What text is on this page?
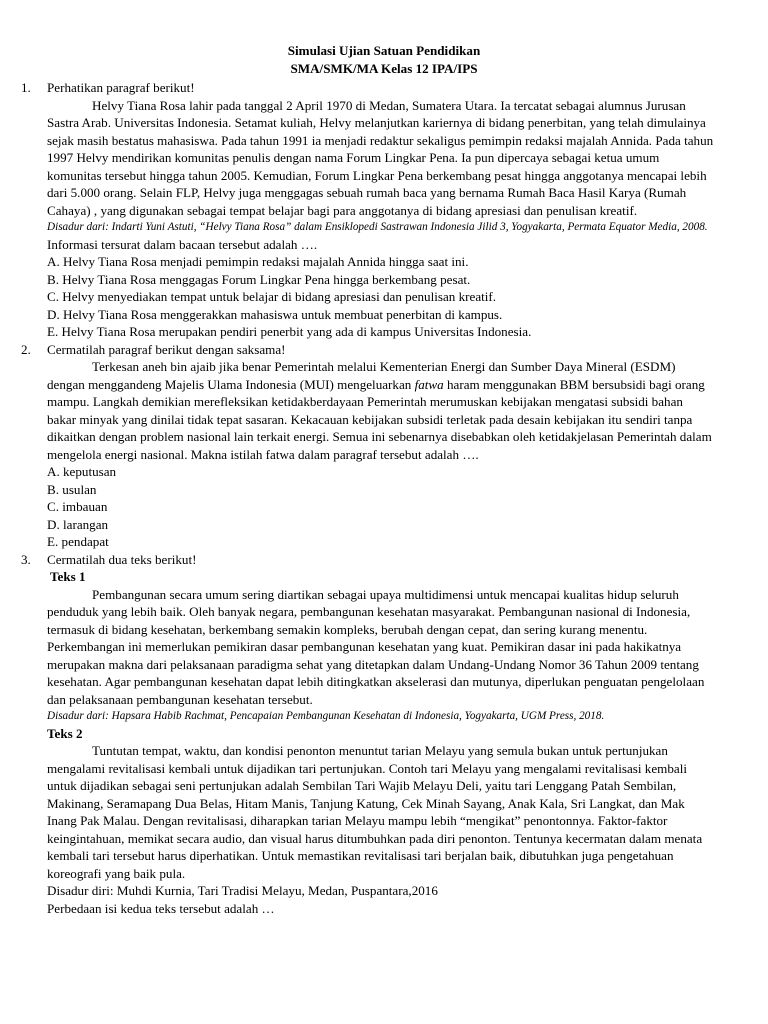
Simulasi Ujian Satuan Pendidikan
SMA/SMK/MA Kelas 12 IPA/IPS
1. Perhatikan paragraf berikut!

Helvy Tiana Rosa lahir pada tanggal 2 April 1970 di Medan, Sumatera Utara. Ia tercatat sebagai alumnus Jurusan Sastra Arab. Universitas Indonesia. Setamat kuliah, Helvy melanjutkan kariernya di bidang penerbitan, yang telah dimulainya sejak masih bestatus mahasiswa. Pada tahun 1991 ia menjadi redaktur sekaligus pemimpin redaksi majalah Annida. Pada tahun 1997 Helvy mendirikan komunitas penulis dengan nama Forum Lingkar Pena. Ia pun dipercaya sebagai ketua umum komunitas tersebut hingga tahun 2005. Kemudian, Forum Lingkar Pena berkembang pesat hingga anggotanya mencapai lebih dari 5.000 orang. Selain FLP, Helvy juga menggagas sebuah rumah baca yang bernama Rumah Baca Hasil Karya (Rumah Cahaya) , yang digunakan sebagai tempat belajar bagi para anggotanya di bidang apresiasi dan penulisan kreatif.

Disadur dari: Indarti Yuni Astuti, “Helvy Tiana Rosa” dalam Ensiklopedi Sastrawan Indonesia Jilid 3, Yogyakarta, Permata Equator Media, 2008.

Informasi tersurat dalam bacaan tersebut adalah ….

A. Helvy Tiana Rosa menjadi pemimpin redaksi majalah Annida hingga saat ini.

B. Helvy Tiana Rosa menggagas Forum Lingkar Pena hingga berkembang pesat.

C. Helvy menyediakan tempat untuk belajar di bidang apresiasi dan penulisan kreatif.

D. Helvy Tiana Rosa menggerakkan mahasiswa untuk membuat penerbitan di kampus.

E. Helvy Tiana Rosa merupakan pendiri penerbit yang ada di kampus Universitas Indonesia.

2. Cermatilah paragraf berikut dengan saksama!

Terkesan aneh bin ajaib jika benar Pemerintah melalui Kementerian Energi dan Sumber Daya Mineral (ESDM) dengan menggandeng Majelis Ulama Indonesia (MUI) mengeluarkan fatwa haram menggunakan BBM bersubsidi bagi orang mampu. Langkah demikian merefleksikan ketidakberdayaan Pemerintah merumuskan kebijakan mengatasi subsidi bahan bakar minyak yang dinilai tidak tepat sasaran. Kekacauan kebijakan subsidi terletak pada desain kebijakan itu sendiri tanpa dikaitkan dengan problem nasional lain terkait energi. Semua ini sebenarnya disebabkan oleh ketidakjelasan Pemerintah dalam mengelola energi nasional. Makna istilah fatwa dalam paragraf tersebut adalah ….

A. keputusan

B. usulan

C. imbauan

D. larangan

E. pendapat

3. Cermatilah dua teks berikut!

Teks 1

Pembangunan secara umum sering diartikan sebagai upaya multidimensi untuk mencapai kualitas hidup seluruh penduduk yang lebih baik. Oleh banyak negara, pembangunan kesehatan masyarakat. Pembangunan nasional di Indonesia, termasuk di bidang kesehatan, berkembang semakin kompleks, berubah dengan cepat, dan sering kurang menentu. Perkembangan ini memerlukan pemikiran dasar pembangunan kesehatan yang kuat. Pemikiran dasar ini pada hakikatnya merupakan makna dari pelaksanaan paradigma sehat yang ditetapkan dalam Undang-Undang Nomor 36 Tahun 2009 tentang kesehatan. Agar pembangunan kesehatan dapat lebih ditingkatkan akselerasi dan mutunya, diperlukan penguatan pengelolaan dan pelaksanaan pembangunan kesehatan tersebut.

Disadur dari: Hapsara Habib Rachmat, Pencapaian Pembangunan Kesehatan di Indonesia, Yogyakarta, UGM Press, 2018.

Teks 2

Tuntutan tempat, waktu, dan kondisi penonton menuntut tarian Melayu yang semula bukan untuk pertunjukan mengalami revitalisasi kembali untuk dijadikan tari pertunjukan. Contoh tari Melayu yang mengalami revitalisasi kembali untuk dijadikan sebagai seni pertunjukan adalah Sembilan Tari Wajib Melayu Deli, yaitu tari Lenggang Patah Sembilan, Makinang, Seramapang Dua Belas, Hitam Manis, Tanjung Katung, Cek Minah Sayang, Anak Kala, Sri Langkat, dan Mak Inang Pak Malau. Dengan revitalisasi, diharapkan tarian Melayu mampu lebih “mengikat” penontonnya. Faktor-faktor keingintahuan, memikat secara audio, dan visual harus ditumbuhkan pada diri penonton. Tentunya kecermatan dalam menata kembali tari tersebut harus diperhatikan. Untuk memastikan revitalisasi tari berjalan baik, dibutuhkan juga pengetahuan koreografi yang baik pula.

Disadur diri: Muhdi Kurnia, Tari Tradisi Melayu, Medan, Puspantara,2016

Perbedaan isi kedua teks tersebut adalah …
